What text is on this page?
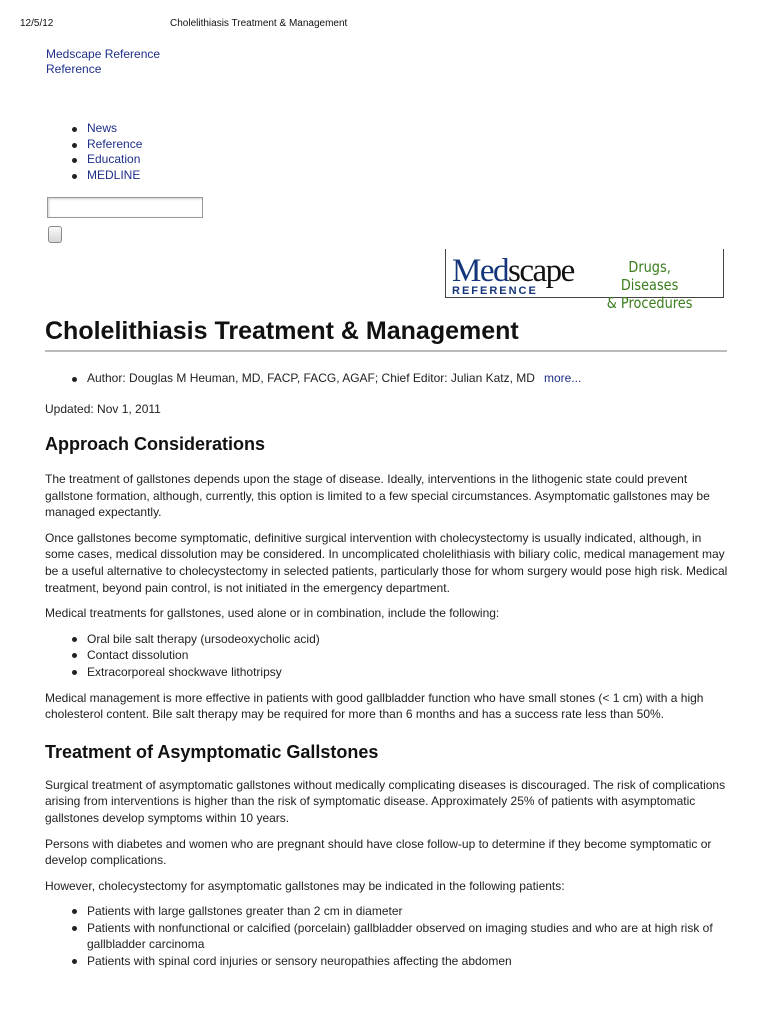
12/5/12	Cholelithiasis Treatment & Management
Medscape Reference
Reference
News
Reference
Education
MEDLINE
Medscape
REFERENCE
Drugs, Diseases
& Procedures
Cholelithiasis Treatment & Management
Author: Douglas M Heuman, MD, FACP, FACG, AGAF; Chief Editor: Julian Katz, MD more...
Updated: Nov 1, 2011
Approach Considerations

The treatment of gallstones depends upon the stage of disease. Ideally, interventions in the lithogenic state could prevent gallstone formation, although, currently, this option is limited to a few special circumstances. Asymptomatic gallstones may be managed expectantly.

Once gallstones become symptomatic, definitive surgical intervention with cholecystectomy is usually indicated, although, in some cases, medical dissolution may be considered. In uncomplicated cholelithiasis with biliary colic, medical management may be a useful alternative to cholecystectomy in selected patients, particularly those for whom surgery would pose high risk. Medical treatment, beyond pain control, is not initiated in the emergency department.

Medical treatments for gallstones, used alone or in combination, include the following:

Oral bile salt therapy (ursodeoxycholic acid)
Contact dissolution
Extracorporeal shockwave lithotripsy

Medical management is more effective in patients with good gallbladder function who have small stones (< 1 cm) with a high cholesterol content. Bile salt therapy may be required for more than 6 months and has a success rate less than 50%.

Treatment of Asymptomatic Gallstones

Surgical treatment of asymptomatic gallstones without medically complicating diseases is discouraged. The risk of complications arising from interventions is higher than the risk of symptomatic disease. Approximately 25% of patients with asymptomatic gallstones develop symptoms within 10 years.

Persons with diabetes and women who are pregnant should have close follow-up to determine if they become symptomatic or develop complications.

However, cholecystectomy for asymptomatic gallstones may be indicated in the following patients:

Patients with large gallstones greater than 2 cm in diameter
Patients with nonfunctional or calcified (porcelain) gallbladder observed on imaging studies and who are at high risk of gallbladder carcinoma
Patients with spinal cord injuries or sensory neuropathies affecting the abdomen
